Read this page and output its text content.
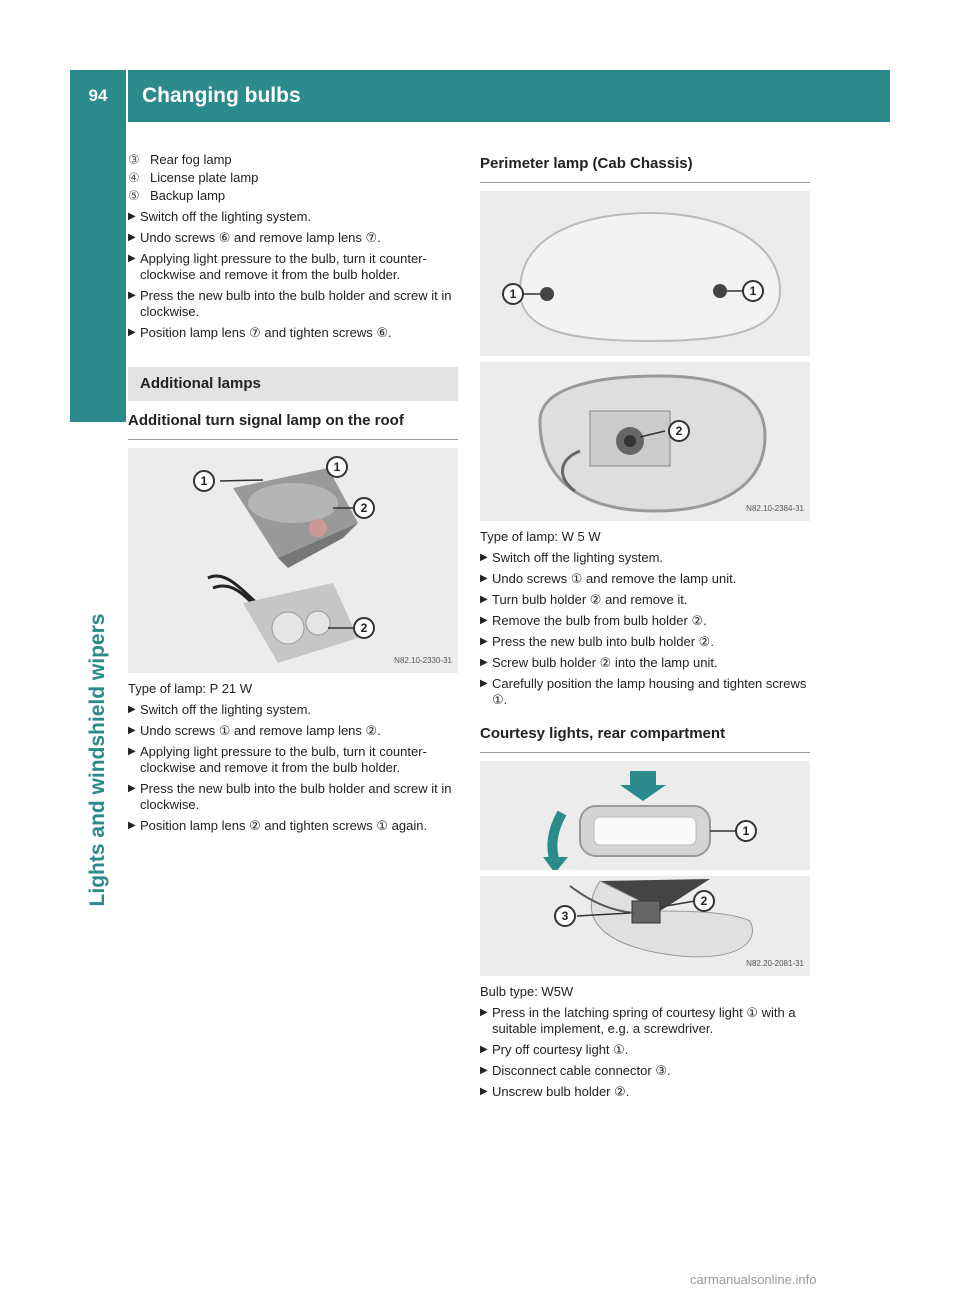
94	Changing bulbs
Lights and windshield wipers
③ Rear fog lamp
④ License plate lamp
⑤ Backup lamp
▶ Switch off the lighting system.
▶ Undo screws ⑥ and remove lamp lens ⑦.
▶ Applying light pressure to the bulb, turn it counter-clockwise and remove it from the bulb holder.
▶ Press the new bulb into the bulb holder and screw it in clockwise.
▶ Position lamp lens ⑦ and tighten screws ⑥.
Additional lamps
Additional turn signal lamp on the roof
1
1
2
2
N82.10-2330-31
Type of lamp: P 21 W
▶ Switch off the lighting system.
▶ Undo screws ① and remove lamp lens ②.
▶ Applying light pressure to the bulb, turn it counter-clockwise and remove it from the bulb holder.
▶ Press the new bulb into the bulb holder and screw it in clockwise.
▶ Position lamp lens ② and tighten screws ① again.
Perimeter lamp (Cab Chassis)
1	1
2
N82.10-2384-31
Type of lamp: W 5 W
▶ Switch off the lighting system.
▶ Undo screws ① and remove the lamp unit.
▶ Turn bulb holder ② and remove it.
▶ Remove the bulb from bulb holder ②.
▶ Press the new bulb into bulb holder ②.
▶ Screw bulb holder ② into the lamp unit.
▶ Carefully position the lamp housing and tighten screws ①.
Courtesy lights, rear compartment
1
2
3
N82.20-2081-31
Bulb type: W5W
▶ Press in the latching spring of courtesy light ① with a suitable implement, e.g. a screwdriver.
▶ Pry off courtesy light ①.
▶ Disconnect cable connector ③.
▶ Unscrew bulb holder ②.
carmanualsonline.info
